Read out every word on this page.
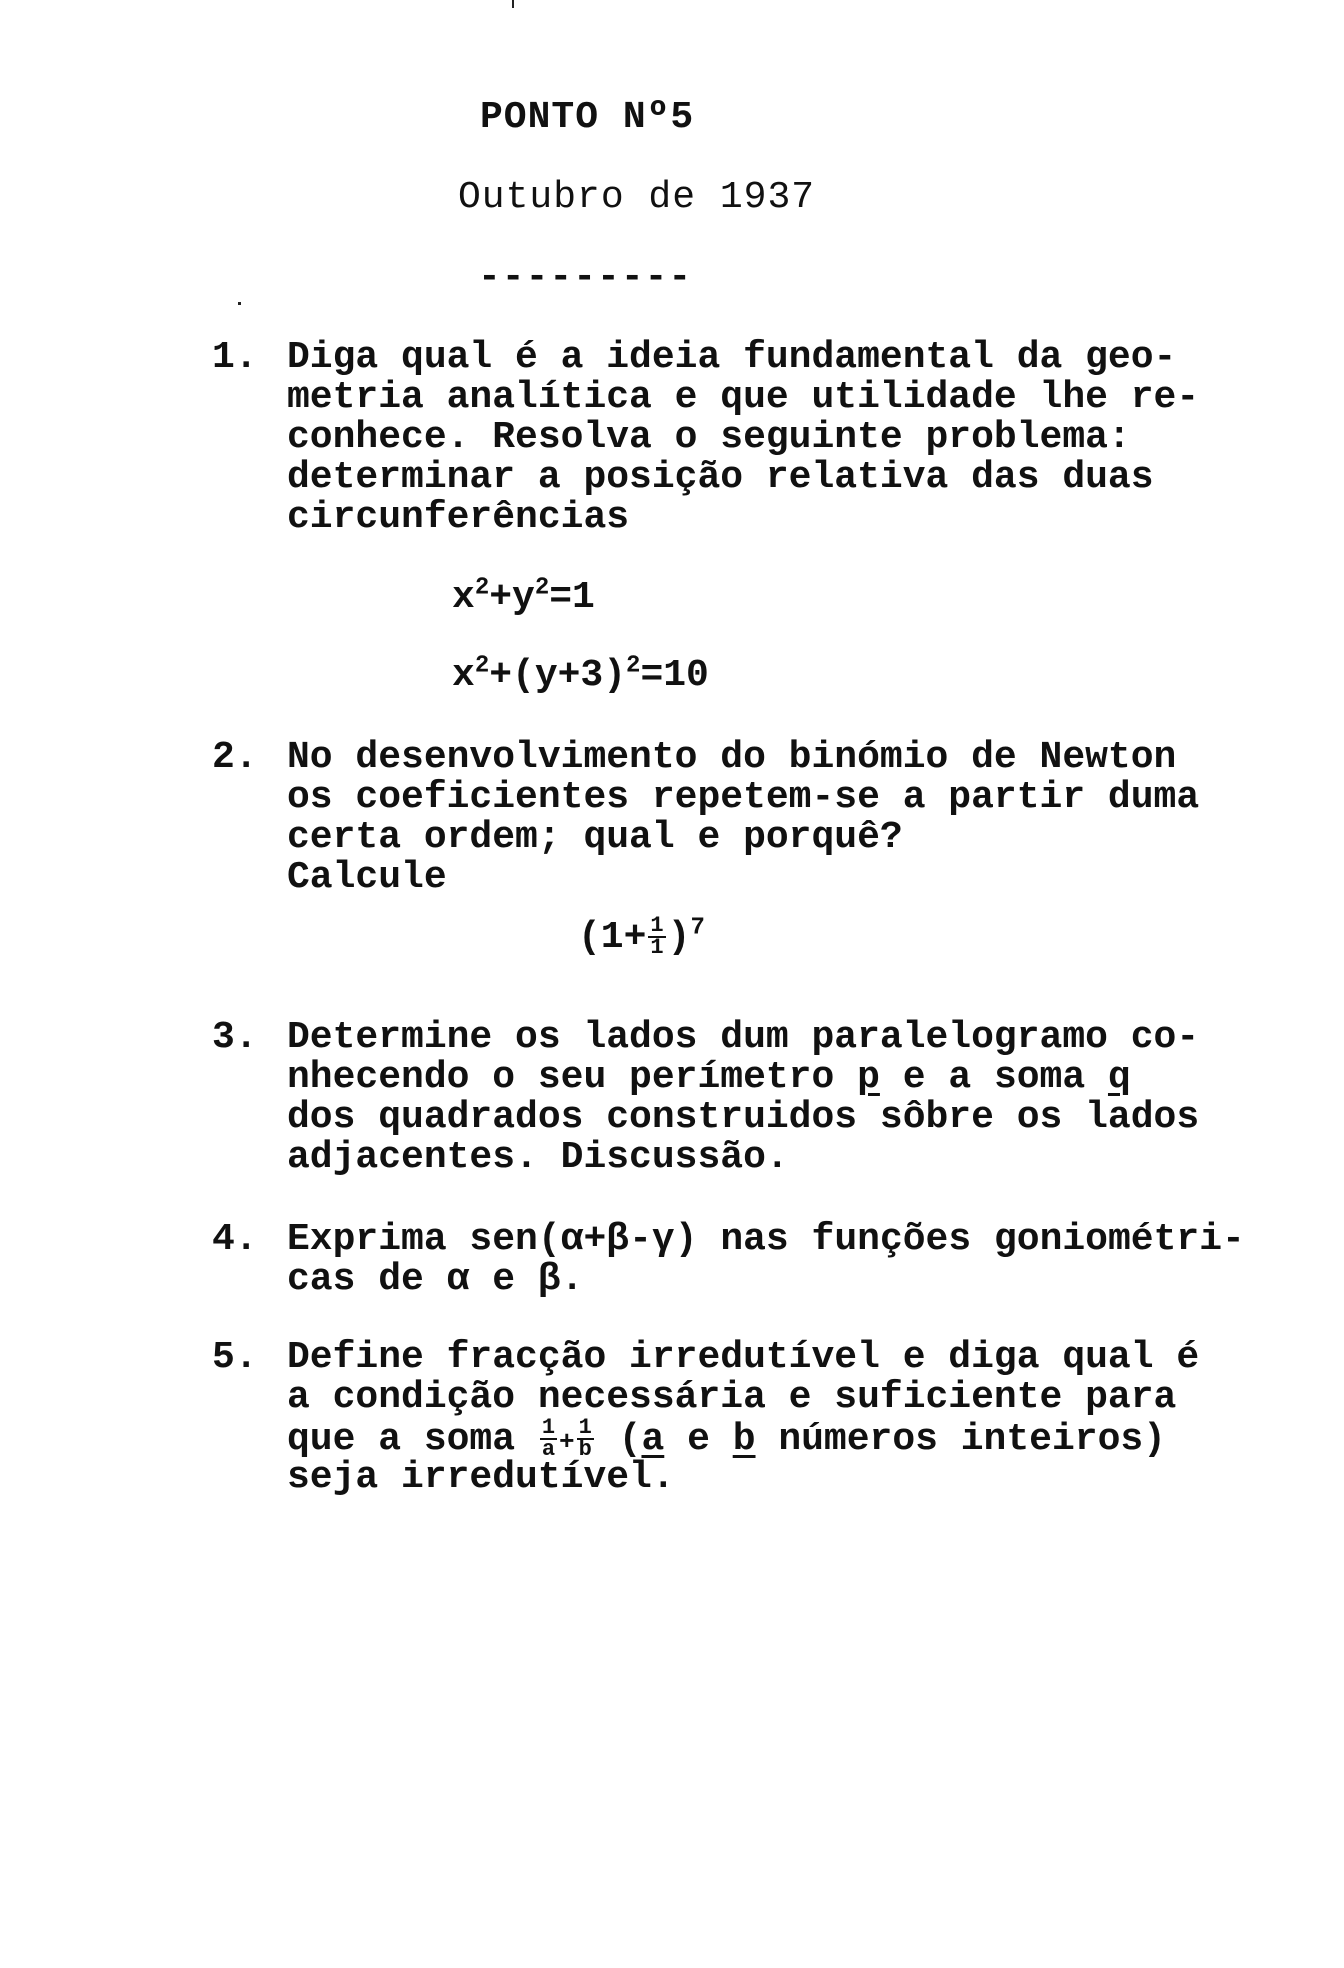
PONTO Nº5
Outubro de 1937
---------
1. Diga qual é a ideia fundamental da geo-
metria analítica e que utilidade lhe re-
conhece. Resolva o seguinte problema:
determinar a posição relativa das duas
circunferências
$x^2+y^2=1$
$x^2+(y+3)^2=10$
2. No desenvolvimento do binómio de Newton
os coeficientes repetem-se a partir duma
certa ordem; qual e porquê?
Calcule
$(1+ \frac{1}{1} )^7$
3. Determine os lados dum paralelogramo co-
nhecendo o seu perímetro p e a soma q
dos quadrados construidos sôbre os lados
adjacentes. Discussão.
4. Exprima sen(α+β-γ) nas funções goniométri-
cas de α e β.
5. Define fracção irredutível e diga qual é
a condição necessária e suficiente para
que a soma $\frac{1}{a} + \frac{1}{b} (a$ e b números inteiros)
seja irredutível.
